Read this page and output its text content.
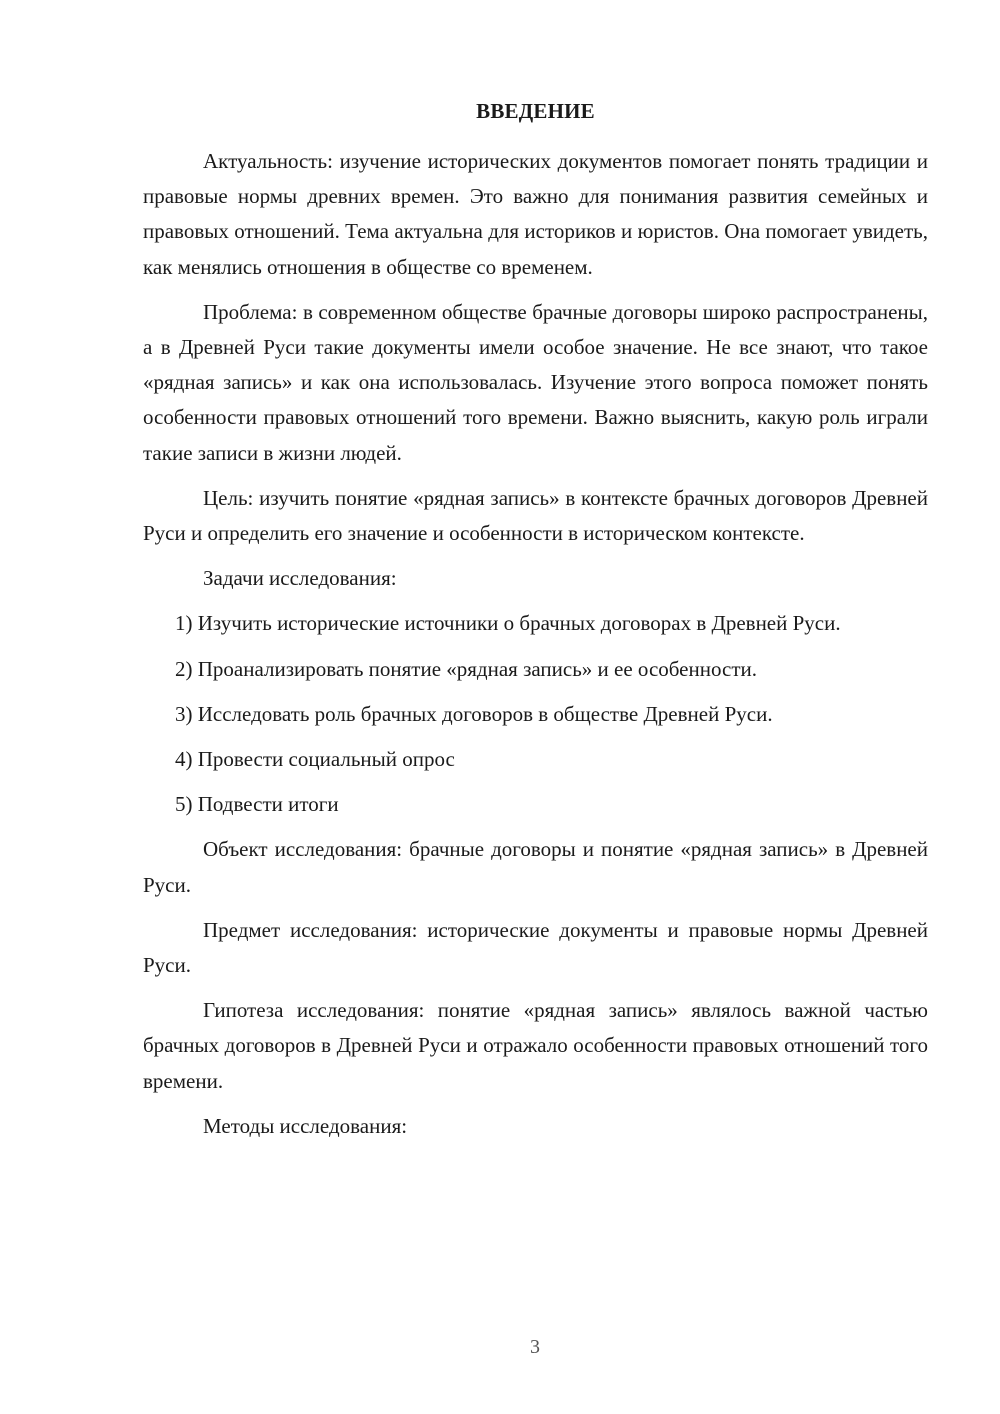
ВВЕДЕНИЕ

Актуальность: изучение исторических документов помогает понять традиции и правовые нормы древних времен. Это важно для понимания развития семейных и правовых отношений. Тема актуальна для историков и юристов. Она помогает увидеть, как менялись отношения в обществе со временем.

Проблема: в современном обществе брачные договоры широко распространены, а в Древней Руси такие документы имели особое значение. Не все знают, что такое «рядная запись» и как она использовалась. Изучение этого вопроса поможет понять особенности правовых отношений того времени. Важно выяснить, какую роль играли такие записи в жизни людей.

Цель: изучить понятие «рядная запись» в контексте брачных договоров Древней Руси и определить его значение и особенности в историческом контексте.

Задачи исследования:

1) Изучить исторические источники о брачных договорах в Древней Руси.

2) Проанализировать понятие «рядная запись» и ее особенности.

3) Исследовать роль брачных договоров в обществе Древней Руси.

4) Провести социальный опрос

5) Подвести итоги

Объект исследования: брачные договоры и понятие «рядная запись» в Древней Руси.

Предмет исследования: исторические документы и правовые нормы Древней Руси.

Гипотеза исследования: понятие «рядная запись» являлось важной частью брачных договоров в Древней Руси и отражало особенности правовых отношений того времени.

Методы исследования:

3
